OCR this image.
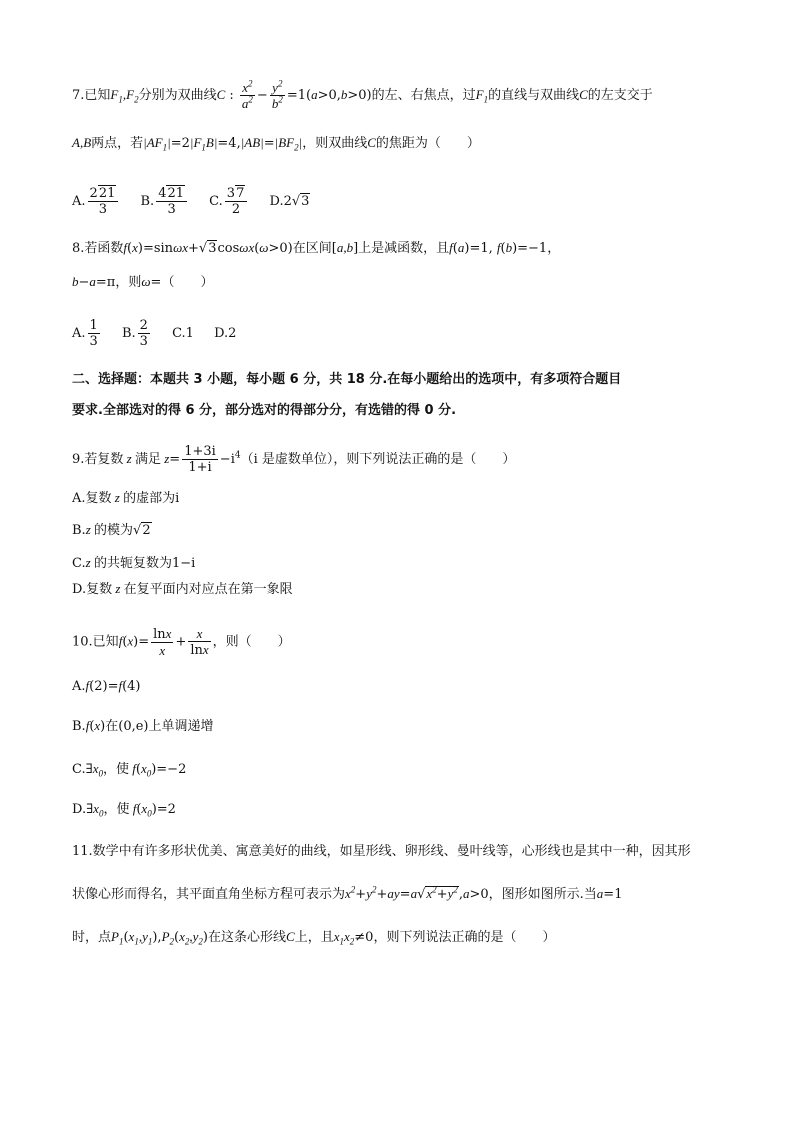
7.已知$F_1,F_2$分别为双曲线C : $\frac{x^2}{a^2} - \frac{y^2}{b^2} =1(a>0,b>0)$的左、右焦点，过$F_1$的直线与双曲线C的左支交于
A,B两点，若$|AF_1|=2|F_1B|=4,|AB|=|BF_2|$，则双曲线C的焦距为（　　）
A. $\frac{221}{3} B$. $\frac{421}{3} C$. $\frac{37}{2} D.2√3$
8.若函数f(x)=sinωx+√3cosωx(ω>0)在区间[a,b]上是减函数，且f(a)=1, f(b)=−1，
b−a=π，则ω=（　　）
A. $\frac{1}{3} B$. $\frac{2}{3} C.1$ D.2
二、选择题：本题共 3 小题，每小题 6 分，共 18 分.在每小题给出的选项中，有多项符合题目
要求.全部选对的得 6 分，部分选对的得部分分，有选错的得 0 分.
9.若复数 z 满足 $z= \frac{1+3i}{1+i} -i^4(i$ 是虚数单位），则下列说法正确的是（　　）
A.复数 z 的虚部为i
B.z 的模为√2
C.z 的共轭复数为1−i
D.复数 z 在复平面内对应点在第一象限
10.已知$f(x)= \frac{\ln x}{x} + \frac{x}{\ln x}$ ，则（　　）
A.f(2)=f(4)
B.f(x)在(0,e)上单调递增
$C.\exists x_0$，使 $f(x_0)=-2$
$D.\exists x_0$，使 $f(x_0)=2$
11.数学中有许多形状优美、寓意美好的曲线，如星形线、卵形线、曼叶线等，心形线也是其中一种，因其形
状像心形而得名，其平面直角坐标方程可表示为$x^2+y^2+ay=a√x^2+y^2,a>0$，图形如图所示.当a=1
时，点$P_1(x_1,y_1),P_2(x_2,y_2)$在这条心形线C上，且$x_1x_2\ne 0$，则下列说法正确的是（　　）
